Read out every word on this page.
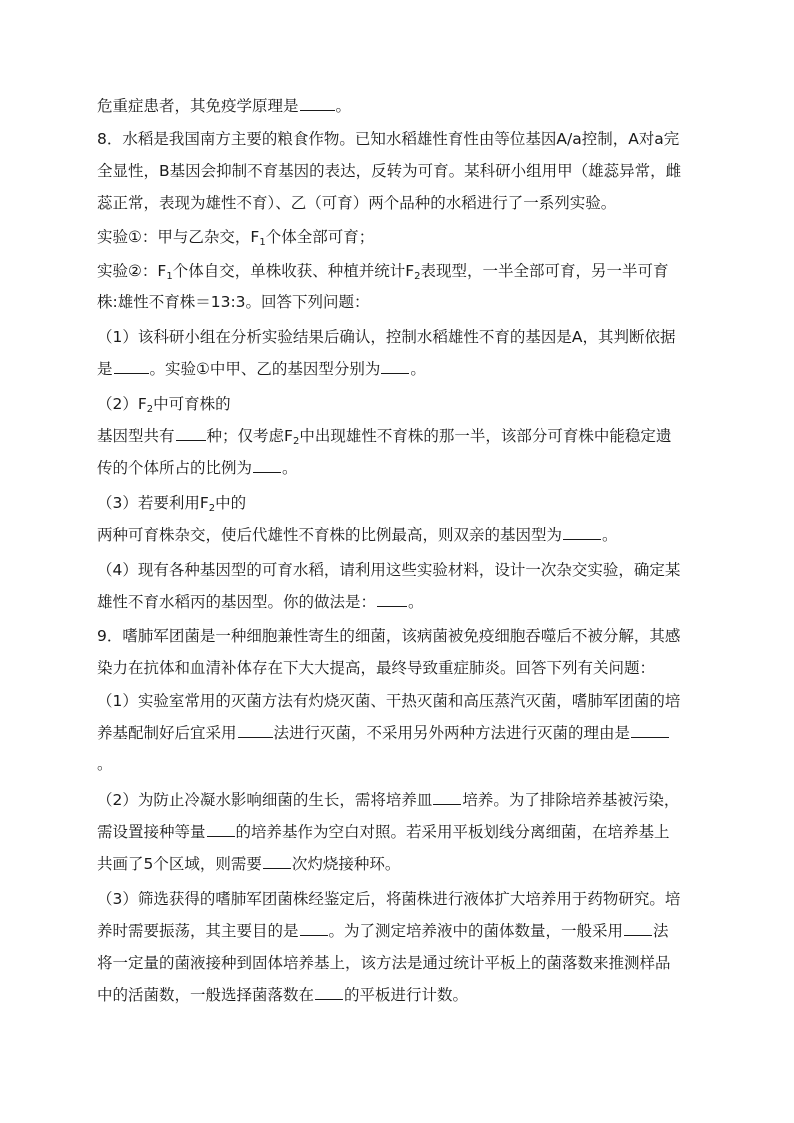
危重症患者，其免疫学原理是 。
8．水稻是我国南方主要的粮食作物。已知水稻雄性育性由等位基因A/a控制，A对a完
全显性，B基因会抑制不育基因的表达，反转为可育。某科研小组用甲（雄蕊异常，雌
蕊正常，表现为雄性不育）、乙（可育）两个品种的水稻进行了一系列实验。
实验①：甲与乙杂交，$F_1$个体全部可育；
实验②：$F_1$个体自交，单株收获、种植并统计$F_2$表现型，一半全部可育，另一半可育
株:雄性不育株＝13:3。回答下列问题：
（1）该科研小组在分析实验结果后确认，控制水稻雄性不育的基因是A，其判断依据
是 。实验①中甲、乙的基因型分别为 。
$(2)F_2$中可育株的
基因型共有 种；仅考虑$F_2$中出现雄性不育株的那一半，该部分可育株中能稳定遗
传的个体所占的比例为 。
（3）若要利用$F_2$中的
两种可育株杂交，使后代雄性不育株的比例最高，则双亲的基因型为	。
（4）现有各种基因型的可育水稻，请利用这些实验材料，设计一次杂交实验，确定某
雄性不育水稻丙的基因型。你的做法是： 。
9．嗜肺军团菌是一种细胞兼性寄生的细菌，该病菌被免疫细胞吞噬后不被分解，其感
染力在抗体和血清补体存在下大大提高，最终导致重症肺炎。回答下列有关问题：
（1）实验室常用的灭菌方法有灼烧灭菌、干热灭菌和高压蒸汽灭菌，嗜肺军团菌的培
养基配制好后宜采用 法进行灭菌，不采用另外两种方法进行灭菌的理由是
。
（2）为防止冷凝水影响细菌的生长，需将培养皿 培养。为了排除培养基被污染，
需设置接种等量 的培养基作为空白对照。若采用平板划线分离细菌，在培养基上
共画了5个区域，则需要 次灼烧接种环。
（3）筛选获得的嗜肺军团菌株经鉴定后，将菌株进行液体扩大培养用于药物研究。培
养时需要振荡，其主要目的是 。为了测定培养液中的菌体数量，一般采用 法
将一定量的菌液接种到固体培养基上，该方法是通过统计平板上的菌落数来推测样品
中的活菌数，一般选择菌落数在 的平板进行计数。
